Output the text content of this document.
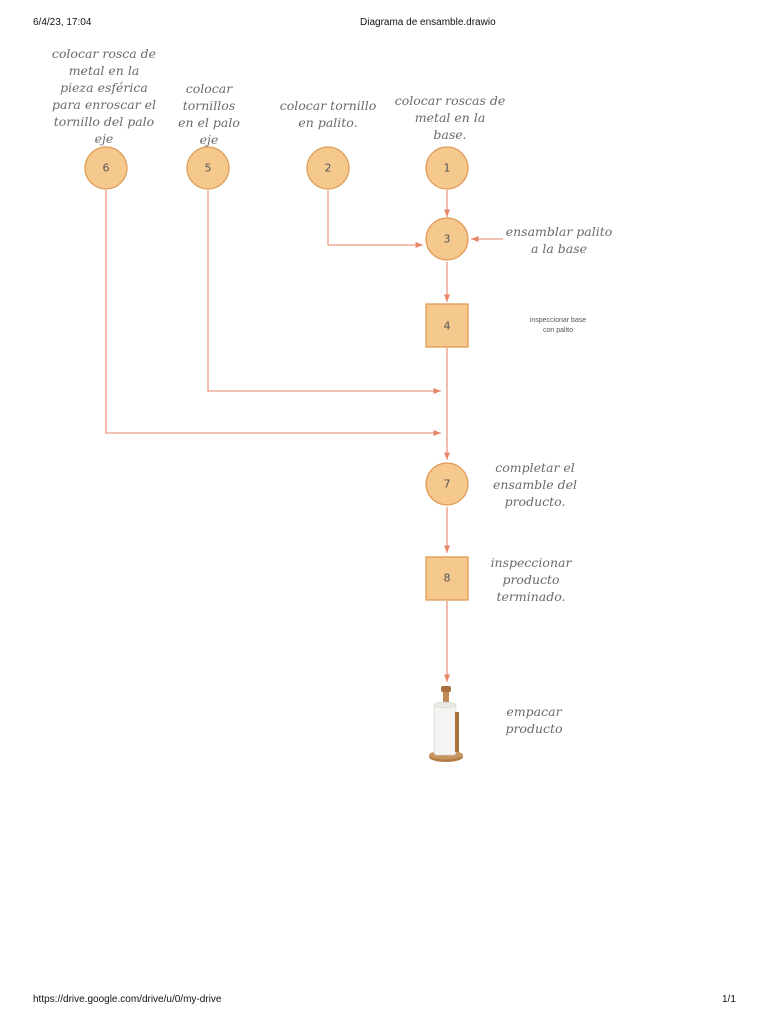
6/4/23, 17:04	Diagrama de ensamble.drawio
6	5	2	1
3
4
7
8
colocar rosca de
metal en la
pieza esférica
para enroscar el
tornillo del palo
eje
colocar
tornillos
en el palo
eje
colocar tornillo
en palito.
colocar roscas de
metal en la
base.
ensamblar palito
a la base
inspeccionar base
con palito
completar el
ensamble del
producto.
inspeccionar
producto
terminado.
empacar
producto
https://drive.google.com/drive/u/0/my-drive	1/1
